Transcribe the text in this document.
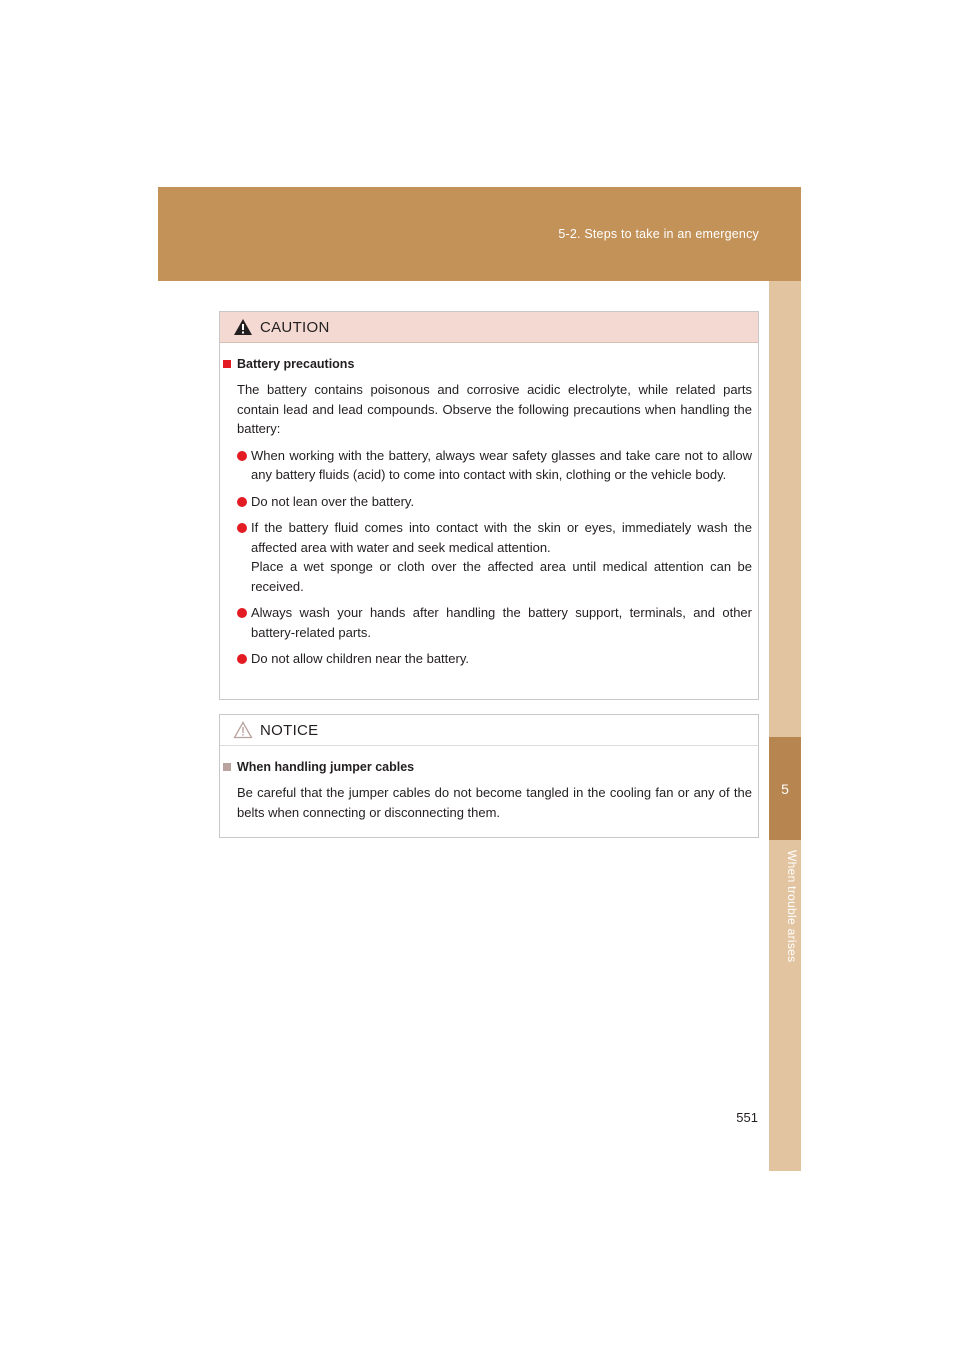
5-2. Steps to take in an emergency
5
When trouble arises
CAUTION
Battery precautions
The battery contains poisonous and corrosive acidic electrolyte, while related parts contain lead and lead compounds. Observe the following precautions when handling the battery:
When working with the battery, always wear safety glasses and take care not to allow any battery fluids (acid) to come into contact with skin, clothing or the vehicle body.
Do not lean over the battery.
If the battery fluid comes into contact with the skin or eyes, immediately wash the affected area with water and seek medical attention.
Place a wet sponge or cloth over the affected area until medical attention can be received.
Always wash your hands after handling the battery support, terminals, and other battery-related parts.
Do not allow children near the battery.
NOTICE
When handling jumper cables
Be careful that the jumper cables do not become tangled in the cooling fan or any of the belts when connecting or disconnecting them.
551
